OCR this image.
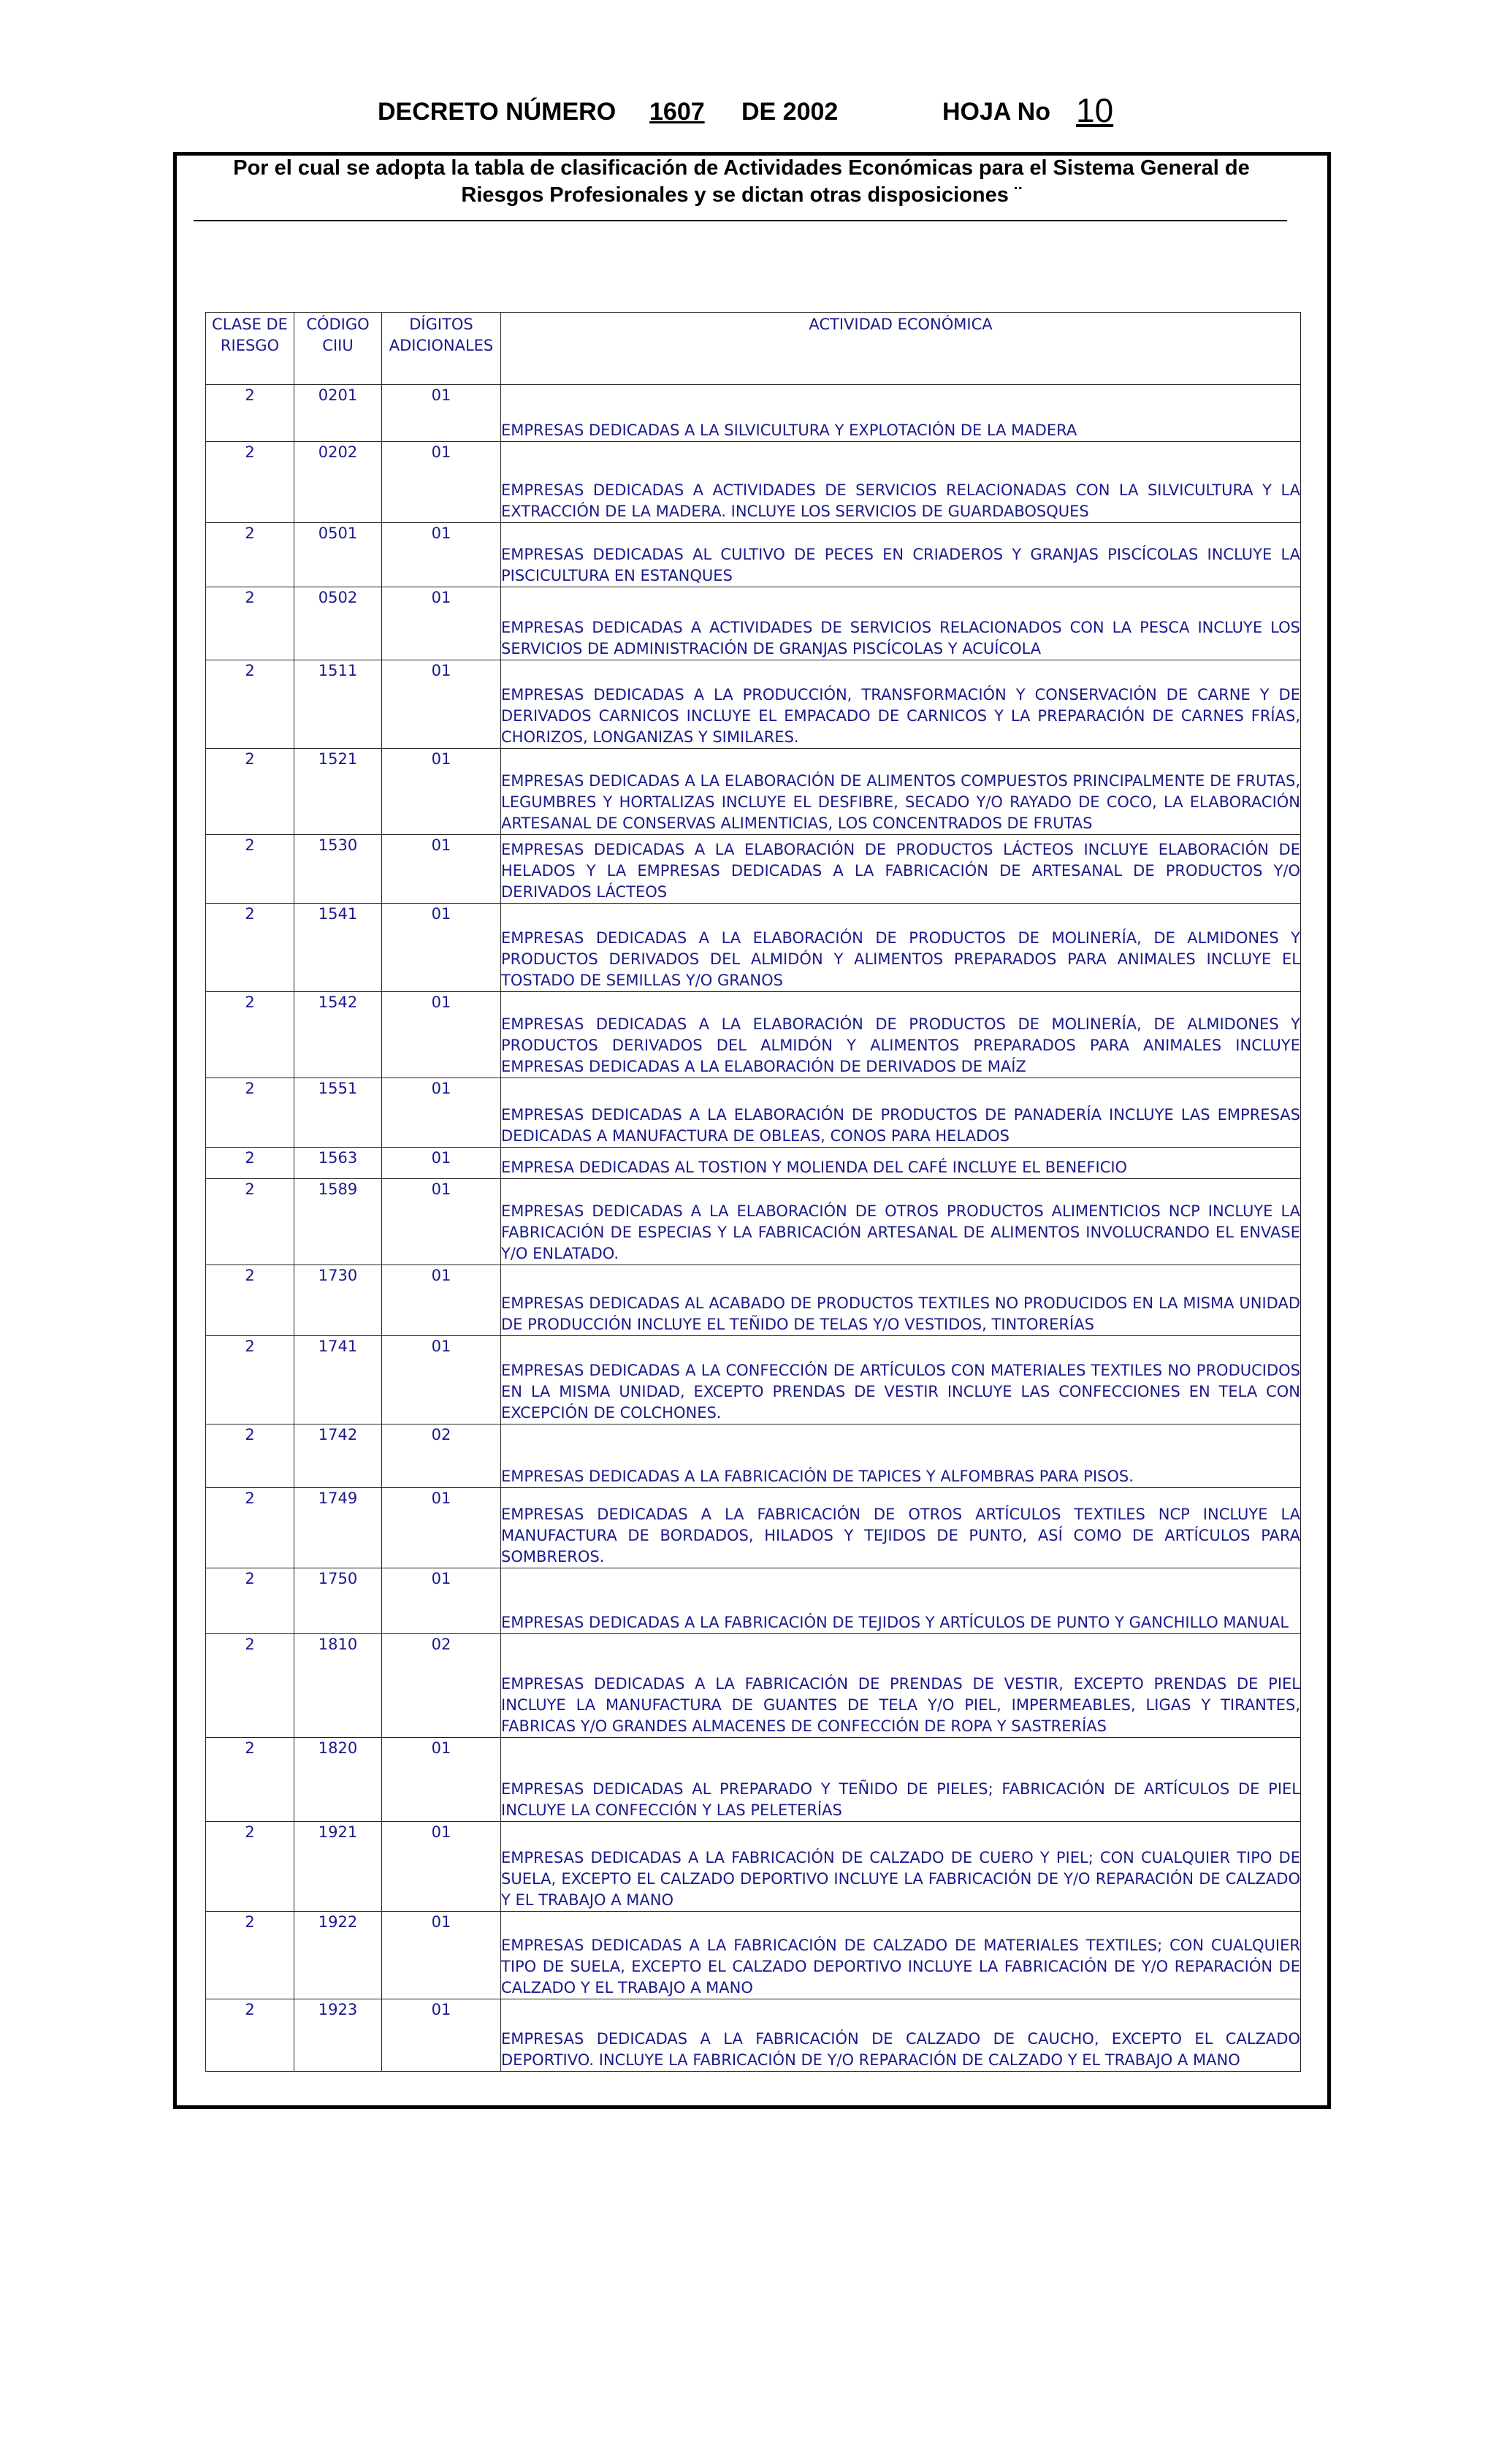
DECRETO NÚMERO 1607 DE 2002	HOJA No 10
Por el cual se adopta la tabla de clasificación de Actividades Económicas para el Sistema General de
Riesgos Profesionales y se dictan otras disposiciones ¨
CLASE DE RIESGO	CÓDIGO CIIU	DÍGITOS ADICIONALES	ACTIVIDAD ECONÓMICA
2	0201	01	EMPRESAS DEDICADAS A LA SILVICULTURA Y EXPLOTACIÓN DE LA MADERA
2	0202	01	EMPRESAS DEDICADAS A ACTIVIDADES DE SERVICIOS RELACIONADAS CON LA SILVICULTURA Y LA EXTRACCIÓN DE LA MADERA. INCLUYE LOS SERVICIOS DE GUARDABOSQUES
2	0501	01	EMPRESAS DEDICADAS AL CULTIVO DE PECES EN CRIADEROS Y GRANJAS PISCÍCOLAS INCLUYE LA PISCICULTURA EN ESTANQUES
2	0502	01	EMPRESAS DEDICADAS A ACTIVIDADES DE SERVICIOS RELACIONADOS CON LA PESCA INCLUYE LOS SERVICIOS DE ADMINISTRACIÓN DE GRANJAS PISCÍCOLAS Y ACUÍCOLA
2	1511	01	EMPRESAS DEDICADAS A LA PRODUCCIÓN, TRANSFORMACIÓN Y CONSERVACIÓN DE CARNE Y DE DERIVADOS CARNICOS INCLUYE EL EMPACADO DE CARNICOS Y LA PREPARACIÓN DE CARNES FRÍAS, CHORIZOS, LONGANIZAS Y SIMILARES.
2	1521	01	EMPRESAS DEDICADAS A LA ELABORACIÓN DE ALIMENTOS COMPUESTOS PRINCIPALMENTE DE FRUTAS, LEGUMBRES Y HORTALIZAS INCLUYE EL DESFIBRE, SECADO Y/O RAYADO DE COCO, LA ELABORACIÓN ARTESANAL DE CONSERVAS ALIMENTICIAS, LOS CONCENTRADOS DE FRUTAS
2	1530	01	EMPRESAS DEDICADAS A LA ELABORACIÓN DE PRODUCTOS LÁCTEOS INCLUYE ELABORACIÓN DE HELADOS Y LA EMPRESAS DEDICADAS A LA FABRICACIÓN DE ARTESANAL DE PRODUCTOS Y/O DERIVADOS LÁCTEOS
2	1541	01	EMPRESAS DEDICADAS A LA ELABORACIÓN DE PRODUCTOS DE MOLINERÍA, DE ALMIDONES Y PRODUCTOS DERIVADOS DEL ALMIDÓN Y ALIMENTOS PREPARADOS PARA ANIMALES INCLUYE EL TOSTADO DE SEMILLAS Y/O GRANOS
2	1542	01	EMPRESAS DEDICADAS A LA ELABORACIÓN DE PRODUCTOS DE MOLINERÍA, DE ALMIDONES Y PRODUCTOS DERIVADOS DEL ALMIDÓN Y ALIMENTOS PREPARADOS PARA ANIMALES INCLUYE EMPRESAS DEDICADAS A LA ELABORACIÓN DE DERIVADOS DE MAÍZ
2	1551	01	EMPRESAS DEDICADAS A LA ELABORACIÓN DE PRODUCTOS DE PANADERÍA INCLUYE LAS EMPRESAS DEDICADAS A MANUFACTURA DE OBLEAS, CONOS PARA HELADOS
2	1563	01	EMPRESA DEDICADAS AL TOSTION Y MOLIENDA DEL CAFÉ INCLUYE EL BENEFICIO
2	1589	01	EMPRESAS DEDICADAS A LA ELABORACIÓN DE OTROS PRODUCTOS ALIMENTICIOS NCP INCLUYE LA FABRICACIÓN DE ESPECIAS Y LA FABRICACIÓN ARTESANAL DE ALIMENTOS INVOLUCRANDO EL ENVASE Y/O ENLATADO.
2	1730	01	EMPRESAS DEDICADAS AL ACABADO DE PRODUCTOS TEXTILES NO PRODUCIDOS EN LA MISMA UNIDAD DE PRODUCCIÓN INCLUYE EL TEÑIDO DE TELAS Y/O VESTIDOS, TINTORERÍAS
2	1741	01	EMPRESAS DEDICADAS A LA CONFECCIÓN DE ARTÍCULOS CON MATERIALES TEXTILES NO PRODUCIDOS EN LA MISMA UNIDAD, EXCEPTO PRENDAS DE VESTIR INCLUYE LAS CONFECCIONES EN TELA CON EXCEPCIÓN DE COLCHONES.
2	1742	02	EMPRESAS DEDICADAS A LA FABRICACIÓN DE TAPICES Y ALFOMBRAS PARA PISOS.
2	1749	01	EMPRESAS DEDICADAS A LA FABRICACIÓN DE OTROS ARTÍCULOS TEXTILES NCP INCLUYE LA MANUFACTURA DE BORDADOS, HILADOS Y TEJIDOS DE PUNTO, ASÍ COMO DE ARTÍCULOS PARA SOMBREROS.
2	1750	01	EMPRESAS DEDICADAS A LA FABRICACIÓN DE TEJIDOS Y ARTÍCULOS DE PUNTO Y GANCHILLO MANUAL
2	1810	02	EMPRESAS DEDICADAS A LA FABRICACIÓN DE PRENDAS DE VESTIR, EXCEPTO PRENDAS DE PIEL INCLUYE LA MANUFACTURA DE GUANTES DE TELA Y/O PIEL, IMPERMEABLES, LIGAS Y TIRANTES, FABRICAS Y/O GRANDES ALMACENES DE CONFECCIÓN DE ROPA Y SASTRERÍAS
2	1820	01	EMPRESAS DEDICADAS AL PREPARADO Y TEÑIDO DE PIELES; FABRICACIÓN DE ARTÍCULOS DE PIEL INCLUYE LA CONFECCIÓN Y LAS PELETERÍAS
2	1921	01	EMPRESAS DEDICADAS A LA FABRICACIÓN DE CALZADO DE CUERO Y PIEL; CON CUALQUIER TIPO DE SUELA, EXCEPTO EL CALZADO DEPORTIVO INCLUYE LA FABRICACIÓN DE Y/O REPARACIÓN DE CALZADO Y EL TRABAJO A MANO
2	1922	01	EMPRESAS DEDICADAS A LA FABRICACIÓN DE CALZADO DE MATERIALES TEXTILES; CON CUALQUIER TIPO DE SUELA, EXCEPTO EL CALZADO DEPORTIVO INCLUYE LA FABRICACIÓN DE Y/O REPARACIÓN DE CALZADO Y EL TRABAJO A MANO
2	1923	01	EMPRESAS DEDICADAS A LA FABRICACIÓN DE CALZADO DE CAUCHO, EXCEPTO EL CALZADO DEPORTIVO. INCLUYE LA FABRICACIÓN DE Y/O REPARACIÓN DE CALZADO Y EL TRABAJO A MANO
